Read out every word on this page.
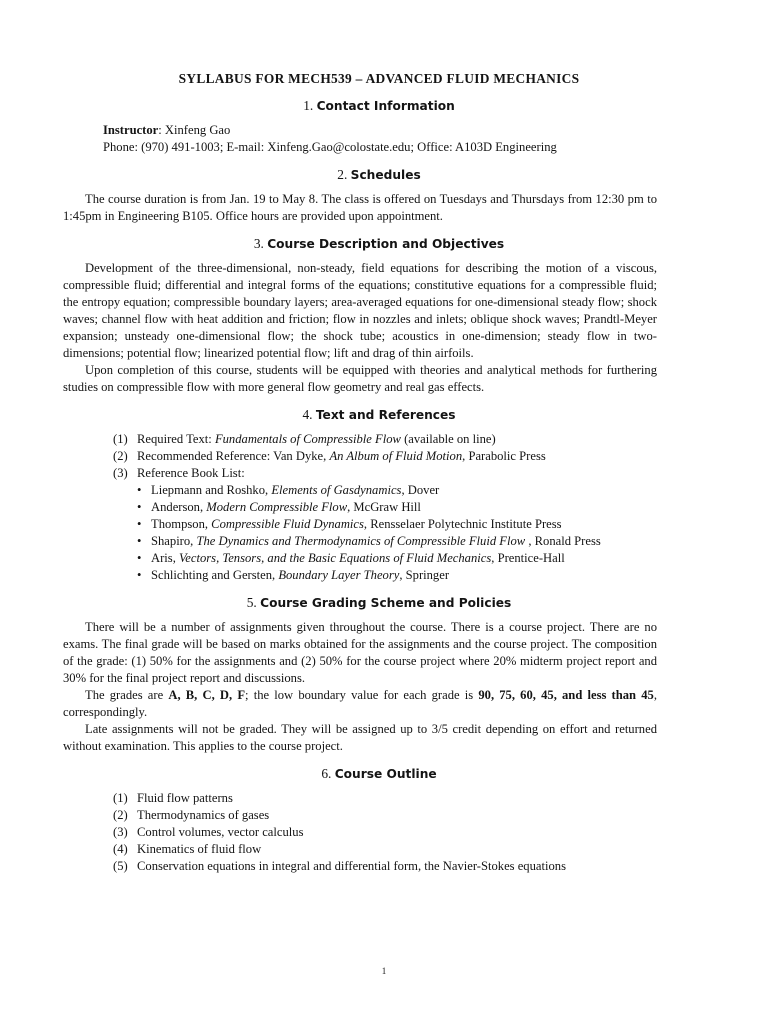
SYLLABUS FOR MECH539 – ADVANCED FLUID MECHANICS
1. Contact Information
Instructor: Xinfeng Gao
Phone: (970) 491-1003; E-mail: Xinfeng.Gao@colostate.edu; Office: A103D Engineering
2. Schedules

The course duration is from Jan. 19 to May 8. The class is offered on Tuesdays and Thursdays from 12:30 pm to 1:45pm in Engineering B105. Office hours are provided upon appointment.

3. Course Description and Objectives

Development of the three-dimensional, non-steady, field equations for describing the motion of a viscous, compressible fluid; differential and integral forms of the equations; constitutive equations for a compressible fluid; the entropy equation; compressible boundary layers; area-averaged equations for one-dimensional steady flow; shock waves; channel flow with heat addition and friction; flow in nozzles and inlets; oblique shock waves; Prandtl-Meyer expansion; unsteady one-dimensional flow; the shock tube; acoustics in one-dimension; steady flow in two-dimensions; potential flow; linearized potential flow; lift and drag of thin airfoils.

Upon completion of this course, students will be equipped with theories and analytical methods for furthering studies on compressible flow with more general flow geometry and real gas effects.

4. Text and References
(1) Required Text: Fundamentals of Compressible Flow (available on line)
(2) Recommended Reference: Van Dyke, An Album of Fluid Motion, Parabolic Press
(3) Reference Book List:
• Liepmann and Roshko, Elements of Gasdynamics, Dover
• Anderson, Modern Compressible Flow, McGraw Hill
• Thompson, Compressible Fluid Dynamics, Rensselaer Polytechnic Institute Press
• Shapiro, The Dynamics and Thermodynamics of Compressible Fluid Flow , Ronald Press
• Aris, Vectors, Tensors, and the Basic Equations of Fluid Mechanics, Prentice-Hall
• Schlichting and Gersten, Boundary Layer Theory, Springer
5. Course Grading Scheme and Policies

There will be a number of assignments given throughout the course. There is a course project. There are no exams. The final grade will be based on marks obtained for the assignments and the course project. The composition of the grade: (1) 50% for the assignments and (2) 50% for the course project where 20% midterm project report and 30% for the final project report and discussions.

The grades are A, B, C, D, F; the low boundary value for each grade is 90, 75, 60, 45, and less than 45, correspondingly.

Late assignments will not be graded. They will be assigned up to 3/5 credit depending on effort and returned without examination. This applies to the course project.

6. Course Outline
(1) Fluid flow patterns
(2) Thermodynamics of gases
(3) Control volumes, vector calculus
(4) Kinematics of fluid flow
(5) Conservation equations in integral and differential form, the Navier-Stokes equations
1
